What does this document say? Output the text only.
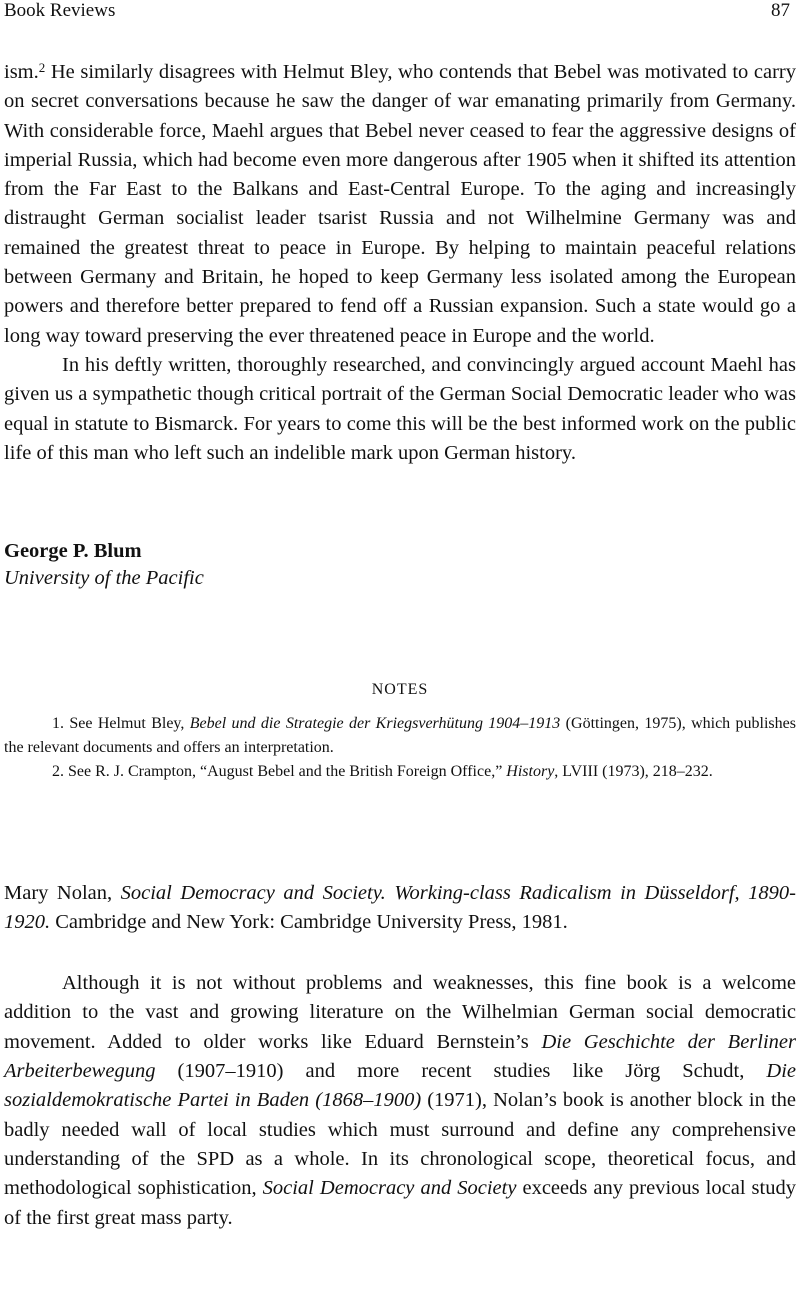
Book Reviews	87

ism.$^2$ He similarly disagrees with Helmut Bley, who contends that Bebel was motivated to carry on secret conversations because he saw the danger of war emanating primarily from Germany. With considerable force, Maehl argues that Bebel never ceased to fear the aggressive designs of imperial Russia, which had become even more dangerous after 1905 when it shifted its attention from the Far East to the Balkans and East-Central Europe. To the aging and increasingly distraught German socialist leader tsarist Russia and not Wilhelmine Germany was and remained the greatest threat to peace in Europe. By helping to maintain peaceful relations between Germany and Britain, he hoped to keep Germany less isolated among the European powers and therefore better prepared to fend off a Russian expansion. Such a state would go a long way toward preserving the ever threatened peace in Europe and the world.

In his deftly written, thoroughly researched, and convincingly argued account Maehl has given us a sympathetic though critical portrait of the German Social Democratic leader who was equal in statute to Bismarck. For years to come this will be the best informed work on the public life of this man who left such an indelible mark upon German history.

George P. Blum
University of the Pacific
NOTES

1. See Helmut Bley, Bebel und die Strategie der Kriegsverhütung 1904–1913 (Göttingen, 1975), which publishes the relevant documents and offers an interpretation.

2. See R. J. Crampton, “August Bebel and the British Foreign Office,” History, LVIII (1973), 218–232.

Mary Nolan, Social Democracy and Society. Working-class Radicalism in Düsseldorf, 1890-1920. Cambridge and New York: Cambridge University Press, 1981.

Although it is not without problems and weaknesses, this fine book is a welcome addition to the vast and growing literature on the Wilhelmian German social democratic movement. Added to older works like Eduard Bernstein’s Die Geschichte der Berliner Arbeiterbewegung (1907–1910) and more recent studies like Jörg Schudt, Die sozialdemokratische Partei in Baden (1868–1900) (1971), Nolan’s book is another block in the badly needed wall of local studies which must surround and define any comprehensive understanding of the SPD as a whole. In its chronological scope, theoretical focus, and methodological sophistication, Social Democracy and Society exceeds any previous local study of the first great mass party.
